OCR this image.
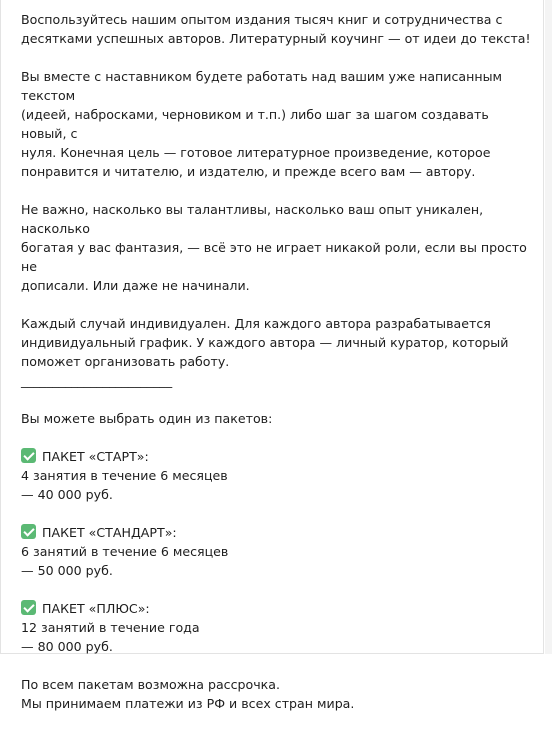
Воспользуйтесь нашим опытом издания тысяч книг и сотрудничества с
десятками успешных авторов. Литературный коучинг — от идеи до текста!

Вы вместе с наставником будете работать над вашим уже написанным текстом
(идеей, набросками, черновиком и т.п.) либо шаг за шагом создавать новый, с
нуля. Конечная цель — готовое литературное произведение, которое
понравится и читателю, и издателю, и прежде всего вам — автору.

Не важно, насколько вы талантливы, насколько ваш опыт уникален, насколько
богатая у вас фантазия, — всё это не играет никакой роли, если вы просто не
дописали. Или даже не начинали.

Каждый случай индивидуален. Для каждого автора разрабатывается
индивидуальный график. У каждого автора — личный куратор, который
поможет организовать работу.
________________________

Вы можете выбрать один из пакетов:

ПАКЕТ «СТАРТ»:
4 занятия в течение 6 месяцев
— 40 000 руб.

ПАКЕТ «СТАНДАРТ»:
6 занятий в течение 6 месяцев
— 50 000 руб.

ПАКЕТ «ПЛЮС»:
12 занятий в течение года
— 80 000 руб.

По всем пакетам возможна рассрочка.
Мы принимаем платежи из РФ и всех стран мира.
